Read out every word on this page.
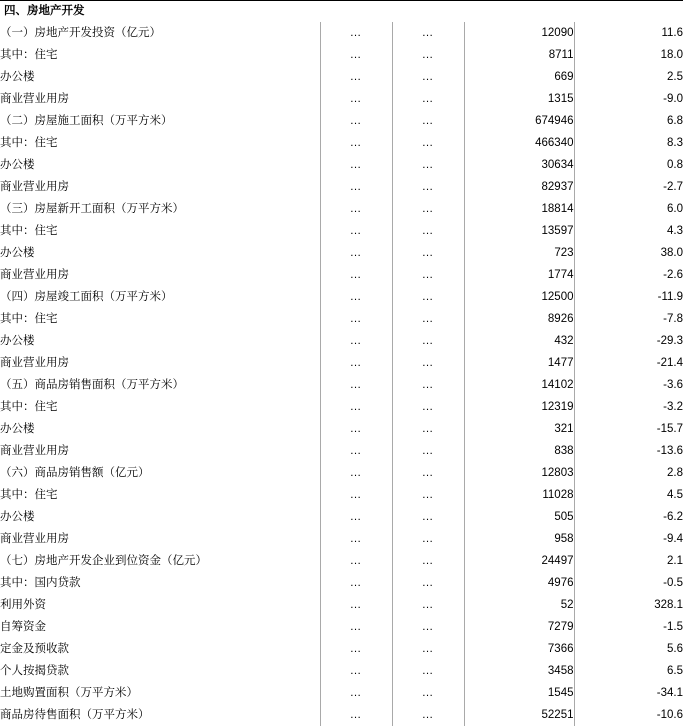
四、房地产开发				
（一）房地产开发投资（亿元）	…	…	12090	11.6
其中：住宅	…	…	8711	18.0
办公楼	…	…	669	2.5
商业营业用房	…	…	1315	-9.0
（二）房屋施工面积（万平方米）	…	…	674946	6.8
其中：住宅	…	…	466340	8.3
办公楼	…	…	30634	0.8
商业营业用房	…	…	82937	-2.7
（三）房屋新开工面积（万平方米）	…	…	18814	6.0
其中：住宅	…	…	13597	4.3
办公楼	…	…	723	38.0
商业营业用房	…	…	1774	-2.6
（四）房屋竣工面积（万平方米）	…	…	12500	-11.9
其中：住宅	…	…	8926	-7.8
办公楼	…	…	432	-29.3
商业营业用房	…	…	1477	-21.4
（五）商品房销售面积（万平方米）	…	…	14102	-3.6
其中：住宅	…	…	12319	-3.2
办公楼	…	…	321	-15.7
商业营业用房	…	…	838	-13.6
（六）商品房销售额（亿元）	…	…	12803	2.8
其中：住宅	…	…	11028	4.5
办公楼	…	…	505	-6.2
商业营业用房	…	…	958	-9.4
（七）房地产开发企业到位资金（亿元）	…	…	24497	2.1
其中：国内贷款	…	…	4976	-0.5
利用外资	…	…	52	328.1
自筹资金	…	…	7279	-1.5
定金及预收款	…	…	7366	5.6
个人按揭贷款	…	…	3458	6.5
土地购置面积（万平方米）	…	…	1545	-34.1
商品房待售面积（万平方米）	…	…	52251	-10.6
